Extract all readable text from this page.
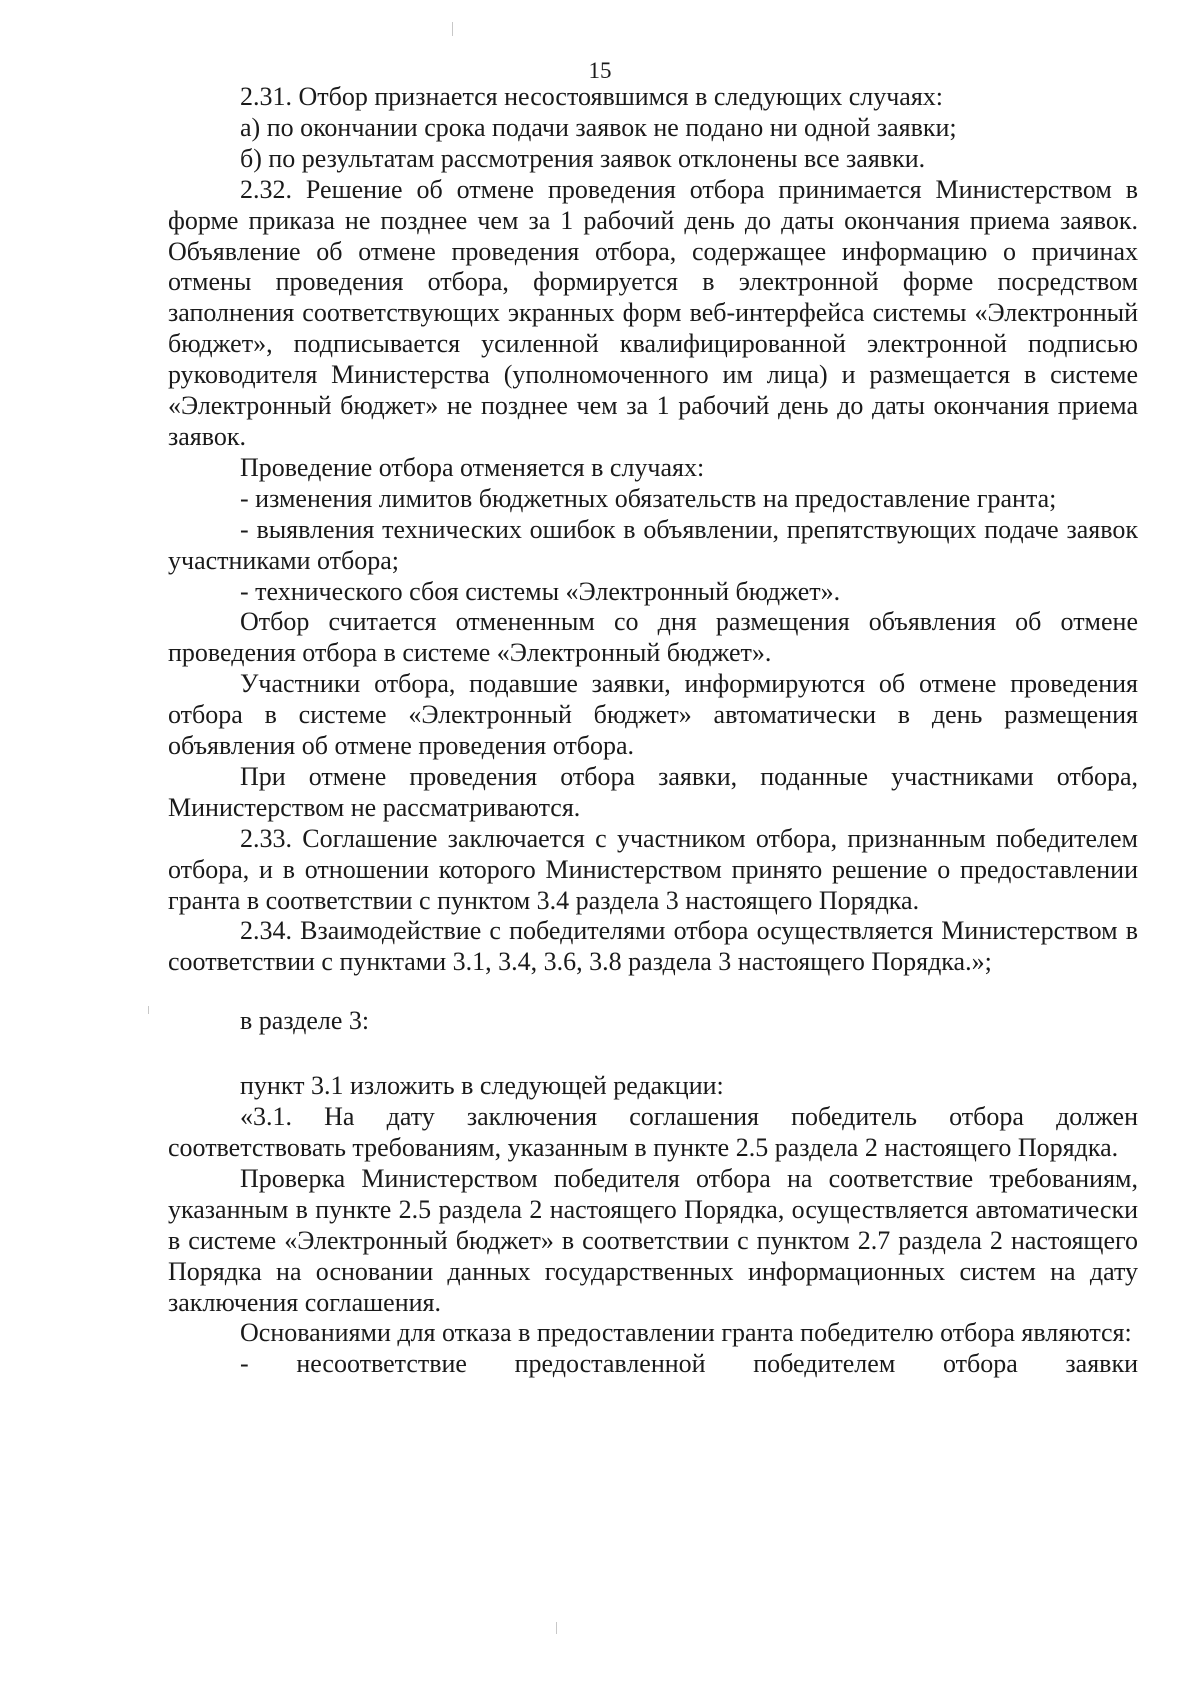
15

2.31. Отбор признается несостоявшимся в следующих случаях:

а) по окончании срока подачи заявок не подано ни одной заявки;

б) по результатам рассмотрения заявок отклонены все заявки.

2.32. Решение об отмене проведения отбора принимается Министерством в форме приказа не позднее чем за 1 рабочий день до даты окончания приема заявок. Объявление об отмене проведения отбора, содержащее информацию о причинах отмены проведения отбора, формируется в электронной форме посредством заполнения соответствующих экранных форм веб-интерфейса системы «Электронный бюджет», подписывается усиленной квалифицированной электронной подписью руководителя Министерства (уполномоченного им лица) и размещается в системе «Электронный бюджет» не позднее чем за 1 рабочий день до даты окончания приема заявок.

Проведение отбора отменяется в случаях:

- изменения лимитов бюджетных обязательств на предоставление гранта;

- выявления технических ошибок в объявлении, препятствующих подаче заявок участниками отбора;

- технического сбоя системы «Электронный бюджет».

Отбор считается отмененным со дня размещения объявления об отмене проведения отбора в системе «Электронный бюджет».

Участники отбора, подавшие заявки, информируются об отмене проведения отбора в системе «Электронный бюджет» автоматически в день размещения объявления об отмене проведения отбора.

При отмене проведения отбора заявки, поданные участниками отбора, Министерством не рассматриваются.

2.33. Соглашение заключается с участником отбора, признанным победителем отбора, и в отношении которого Министерством принято решение о предоставлении гранта в соответствии с пунктом 3.4 раздела 3 настоящего Порядка.

2.34. Взаимодействие с победителями отбора осуществляется Министерством в соответствии с пунктами 3.1, 3.4, 3.6, 3.8 раздела 3 настоящего Порядка.»;

в разделе 3:

пункт 3.1 изложить в следующей редакции:

«3.1. На дату заключения соглашения победитель отбора должен соответствовать требованиям, указанным в пункте 2.5 раздела 2 настоящего Порядка.

Проверка Министерством победителя отбора на соответствие требованиям, указанным в пункте 2.5 раздела 2 настоящего Порядка, осуществляется автоматически в системе «Электронный бюджет» в соответствии с пунктом 2.7 раздела 2 настоящего Порядка на основании данных государственных информационных систем на дату заключения соглашения.

Основаниями для отказа в предоставлении гранта победителю отбора являются:

- несоответствие предоставленной победителем отбора заявки
